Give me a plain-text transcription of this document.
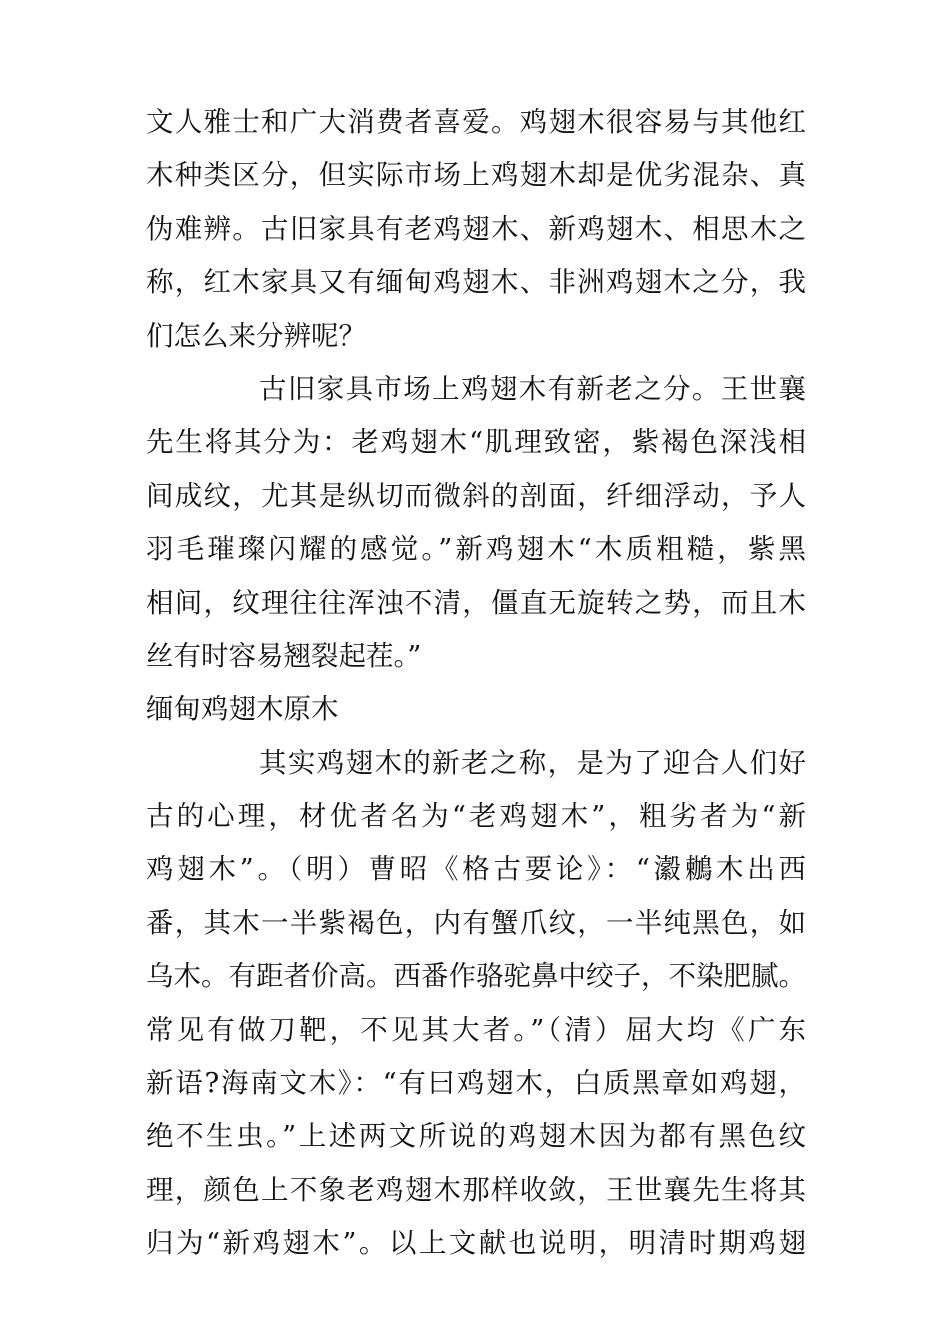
文人雅士和广大消费者喜爱。鸡翅木很容易与其他红
木种类区分，但实际市场上鸡翅木却是优劣混杂、真
伪难辨。古旧家具有老鸡翅木、新鸡翅木、相思木之
称，红木家具又有缅甸鸡翅木、非洲鸡翅木之分，我
们怎么来分辨呢？
古旧家具市场上鸡翅木有新老之分。王世襄
先生将其分为：老鸡翅木“肌理致密，紫褐色深浅相
间成纹，尤其是纵切而微斜的剖面，纤细浮动，予人
羽毛璀璨闪耀的感觉。”新鸡翅木“木质粗糙，紫黑
相间，纹理往往浑浊不清，僵直无旋转之势，而且木
丝有时容易翘裂起茬。”
缅甸鸡翅木原木
其实鸡翅木的新老之称，是为了迎合人们好
古的心理，材优者名为“老鸡翅木”，粗劣者为“新
鸡翅木”。（明）曹昭《格古要论》：“瀫鶒木出西
番，其木一半紫褐色，内有蟹爪纹，一半纯黑色，如
乌木。有距者价高。西番作骆驼鼻中绞子，不染肥腻。
常见有做刀靶，不见其大者。”（清）屈大均《广东
新语?海南文木》：“有曰鸡翅木，白质黑章如鸡翅，
绝不生虫。”上述两文所说的鸡翅木因为都有黑色纹
理，颜色上不象老鸡翅木那样收敛，王世襄先生将其
归为“新鸡翅木”。以上文献也说明，明清时期鸡翅
